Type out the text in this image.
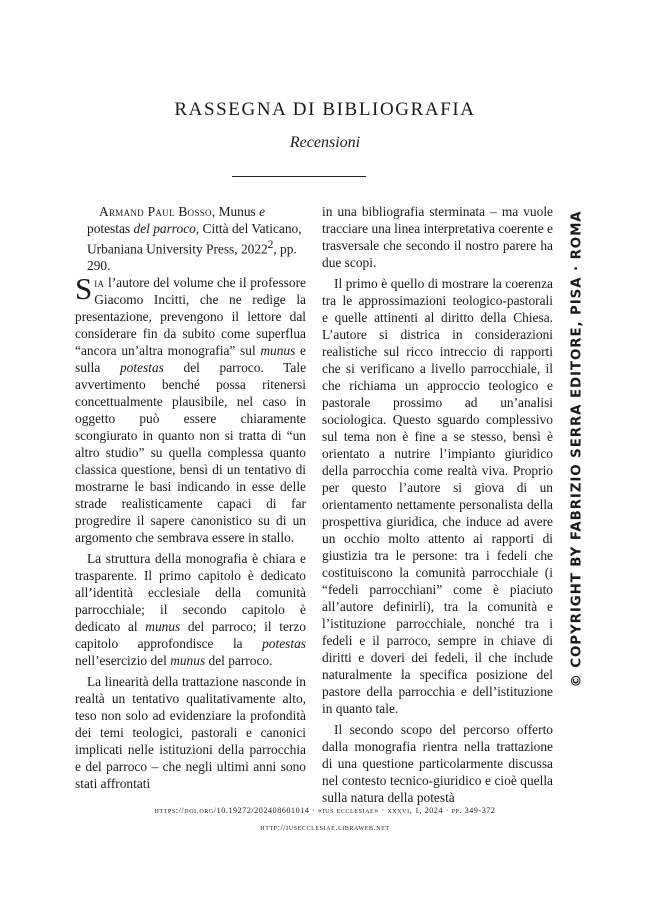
RASSEGNA DI BIBLIOGRAFIA
Recensioni

Armand Paul Bosso, Munus e potestas del parroco, Città del Vaticano, Urbaniana University Press, 2022$^2$, pp. 290.

Sia l’autore del volume che il professore Giacomo Incitti, che ne redige la presentazione, prevengono il lettore dal considerare fin da subito come superflua “ancora un’altra monografia” sul munus e sulla potestas del parroco. Tale avvertimento benché possa ritenersi concettualmente plausibile, nel caso in oggetto può essere chiaramente scongiurato in quanto non si tratta di “un altro studio” su quella complessa quanto classica questione, bensì di un tentativo di mostrarne le basi indicando in esse delle strade realisticamente capaci di far progredire il sapere canonistico su di un argomento che sembrava essere in stallo.

La struttura della monografia è chiara e trasparente. Il primo capitolo è dedicato all’identità ecclesiale della comunità parrocchiale; il secondo capitolo è dedicato al munus del parroco; il terzo capitolo approfondisce la potestas nell’esercizio del munus del parroco.

La linearità della trattazione nasconde in realtà un tentativo qualitativamente alto, teso non solo ad evidenziare la profondità dei temi teologici, pastorali e canonici implicati nelle istituzioni della parrocchia e del parroco – che negli ultimi anni sono stati affrontati

in una bibliografia sterminata – ma vuole tracciare una linea interpretativa coerente e trasversale che secondo il nostro parere ha due scopi.

Il primo è quello di mostrare la coerenza tra le approssimazioni teologico-pastorali e quelle attinenti al diritto della Chiesa. L’autore si districa in considerazioni realistiche sul ricco intreccio di rapporti che si verificano a livello parrocchiale, il che richiama un approccio teologico e pastorale prossimo ad un’analisi sociologica. Questo sguardo complessivo sul tema non è fine a se stesso, bensì è orientato a nutrire l’impianto giuridico della parrocchia come realtà viva. Proprio per questo l’autore si giova di un orientamento nettamente personalista della prospettiva giuridica, che induce ad avere un occhio molto attento ai rapporti di giustizia tra le persone: tra i fedeli che costituiscono la comunità parrocchiale (i “fedeli parrocchiani” come è piaciuto all’autore definirli), tra la comunità e l’istituzione parrocchiale, nonché tra i fedeli e il parroco, sempre in chiave di diritti e doveri dei fedeli, il che include naturalmente la specifica posizione del pastore della parrocchia e dell’istituzione in quanto tale.

Il secondo scopo del percorso offerto dalla monografia rientra nella trattazione di una questione particolarmente discussa nel contesto tecnico-giuridico e cioè quella sulla natura della potestà

© COPYRIGHT BY FABRIZIO SERRA EDITORE, PISA · ROMA
https://doi.org/10.19272/202408601014 · «ius ecclesiae» · xxxvi, 1, 2024 · pp. 349-372
http://iusecclesiae.libraweb.net
